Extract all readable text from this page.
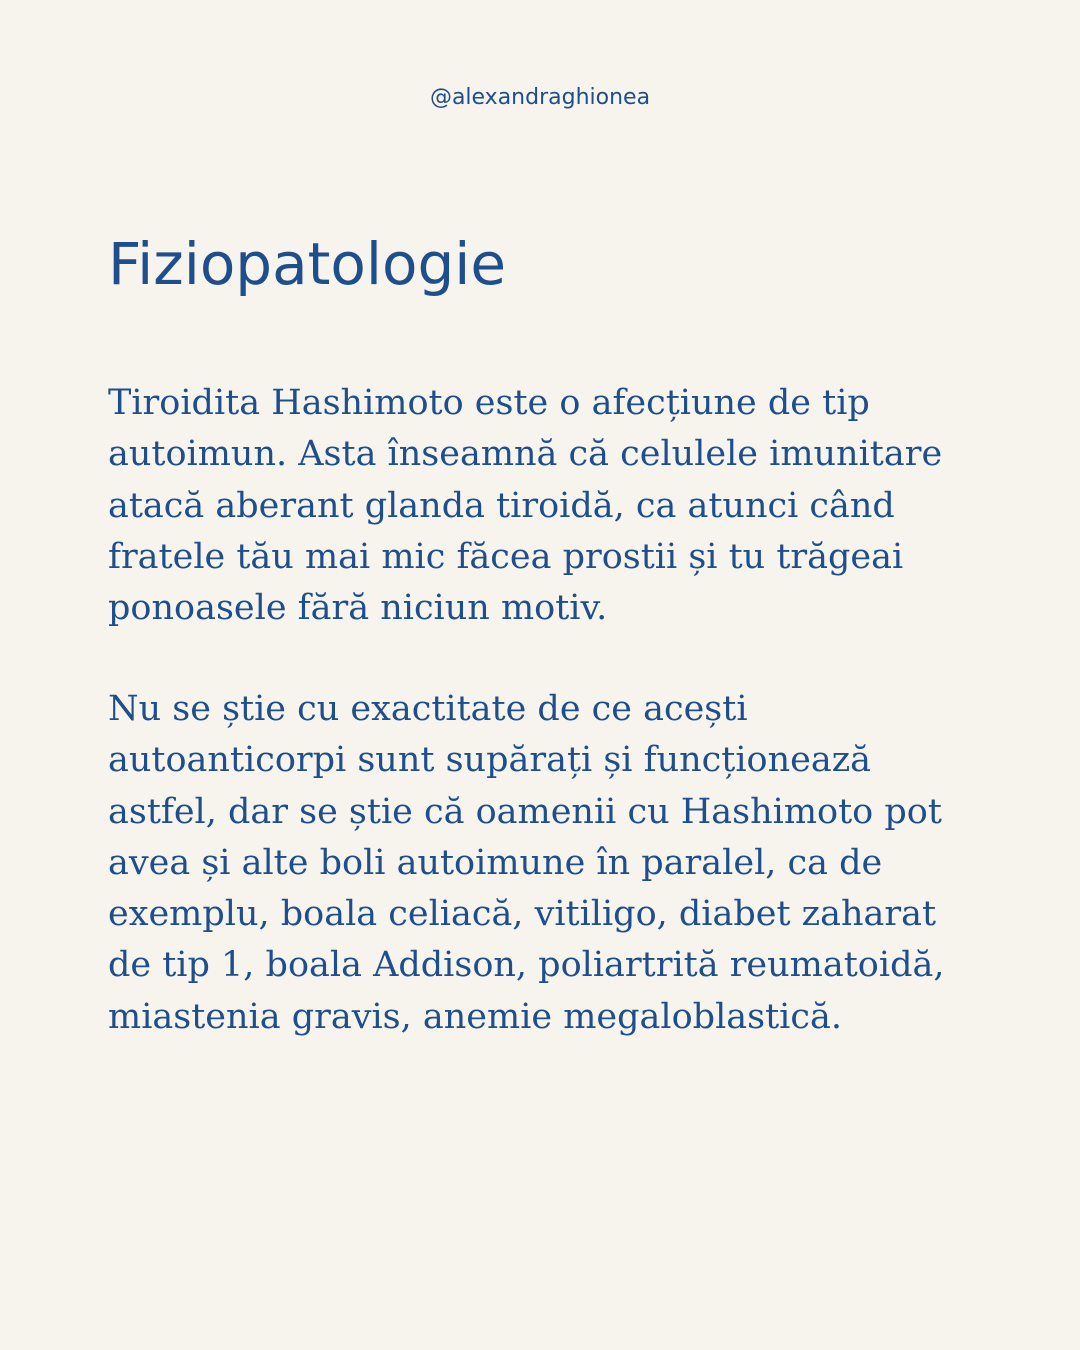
@alexandraghionea
Fiziopatologie

Tiroidita Hashimoto este o afecțiune de tip
autoimun. Asta înseamnă că celulele imunitare
atacă aberant glanda tiroidă, ca atunci când
fratele tău mai mic făcea prostii și tu trăgeai
ponoasele fără niciun motiv.

Nu se știe cu exactitate de ce acești
autoanticorpi sunt supărați și funcționează
astfel, dar se știe că oamenii cu Hashimoto pot
avea și alte boli autoimune în paralel, ca de
exemplu, boala celiacă, vitiligo, diabet zaharat
de tip 1, boala Addison, poliartrită reumatoidă,
miastenia gravis, anemie megaloblastică.
